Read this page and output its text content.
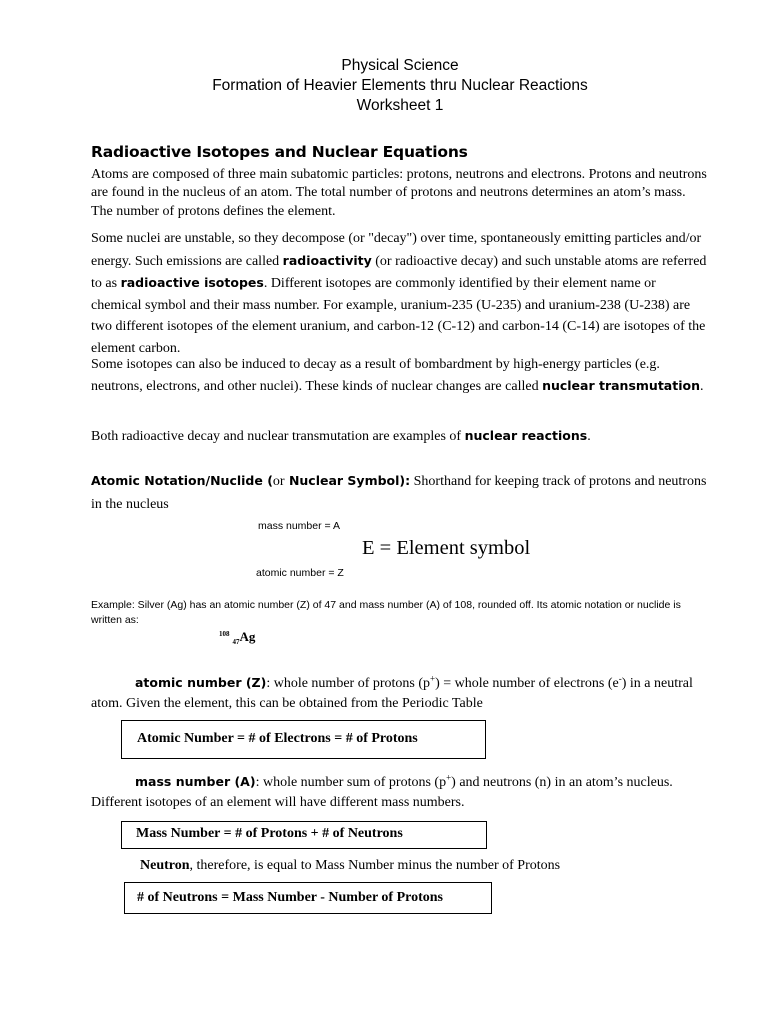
Physical Science
Formation of Heavier Elements thru Nuclear Reactions
Worksheet 1
Radioactive Isotopes and Nuclear Equations
Atoms are composed of three main subatomic particles: protons, neutrons and electrons. Protons and neutrons are found in the nucleus of an atom. The total number of protons and neutrons determines an atom’s mass. The number of protons defines the element.
Some nuclei are unstable, so they decompose (or "decay") over time, spontaneously emitting particles and/or energy. Such emissions are called radioactivity (or radioactive decay) and such unstable atoms are referred to as radioactive isotopes. Different isotopes are commonly identified by their element name or chemical symbol and their mass number. For example, uranium-235 (U-235) and uranium-238 (U-238) are two different isotopes of the element uranium, and carbon-12 (C-12) and carbon-14 (C-14) are isotopes of the element carbon.
Some isotopes can also be induced to decay as a result of bombardment by high-energy particles (e.g. neutrons, electrons, and other nuclei). These kinds of nuclear changes are called nuclear transmutation.
Both radioactive decay and nuclear transmutation are examples of nuclear reactions.
Atomic Notation/Nuclide (or Nuclear Symbol): Shorthand for keeping track of protons and neutrons in the nucleus
mass number = A
E = Element symbol
atomic number = Z
Example: Silver (Ag) has an atomic number (Z) of 47 and mass number (A) of 108, rounded off. Its atomic notation or nuclide is written as:
$^{108}$47Ag
atomic number (Z): whole number of protons (p+) = whole number of electrons (e-) in a neutral atom. Given the element, this can be obtained from the Periodic Table
Atomic Number = # of Electrons = # of Protons
mass number (A): whole number sum of protons (p+) and neutrons (n) in an atom’s nucleus. Different isotopes of an element will have different mass numbers.
Mass Number = # of Protons + # of Neutrons
Neutron, therefore, is equal to Mass Number minus the number of Protons
# of Neutrons = Mass Number - Number of Protons
